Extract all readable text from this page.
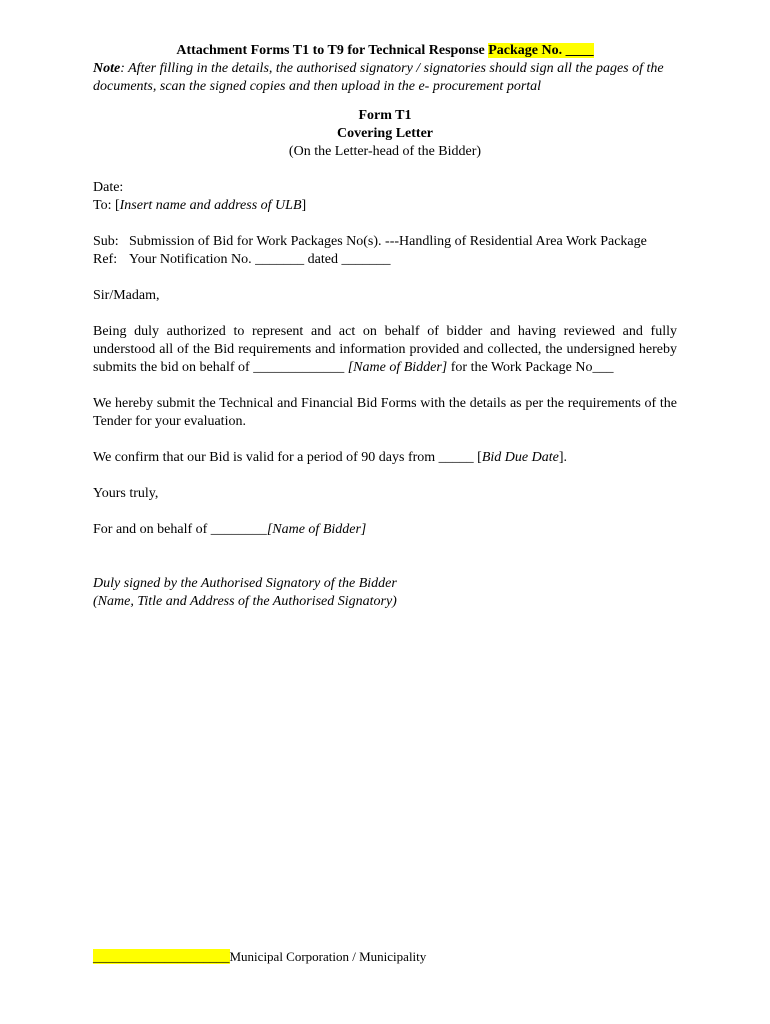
Attachment Forms T1 to T9 for Technical Response Package No. ____
Note: After filling in the details, the authorised signatory / signatories should sign all the pages of the documents, scan the signed copies and then upload in the e- procurement portal
Form T1
Covering Letter
(On the Letter-head of the Bidder)
Date:
To: [Insert name and address of ULB]
Sub: Submission of Bid for Work Packages No(s). ---Handling of Residential Area Work Package
Ref: Your Notification No. _______ dated _______
Sir/Madam,
Being duly authorized to represent and act on behalf of bidder and having reviewed and fully understood all of the Bid requirements and information provided and collected, the undersigned hereby submits the bid on behalf of _____________ [Name of Bidder] for the Work Package No___
We hereby submit the Technical and Financial Bid Forms with the details as per the requirements of the Tender for your evaluation.
We confirm that our Bid is valid for a period of 90 days from _____ [Bid Due Date].
Yours truly,
For and on behalf of ________[Name of Bidder]
Duly signed by the Authorised Signatory of the Bidder
(Name, Title and Address of the Authorised Signatory)
_____________________Municipal Corporation / Municipality
